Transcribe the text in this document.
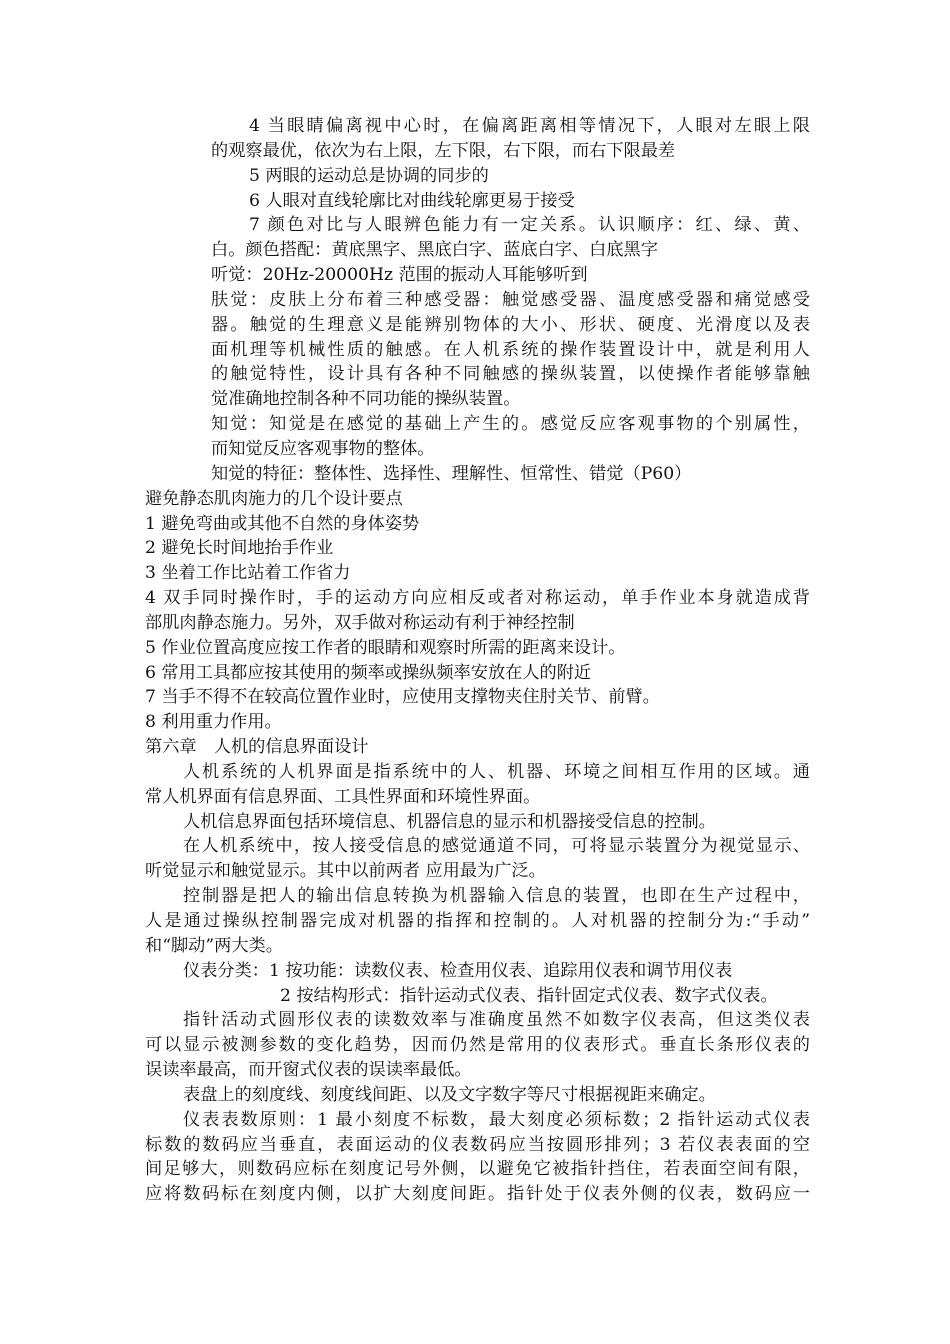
4 当眼睛偏离视中心时，在偏离距离相等情况下，人眼对左眼上限
的观察最优，依次为右上限，左下限，右下限，而右下限最差
5 两眼的运动总是协调的同步的
6 人眼对直线轮廓比对曲线轮廓更易于接受
7 颜色对比与人眼辨色能力有一定关系。认识顺序：红、绿、黄、
白。颜色搭配：黄底黑字、黑底白字、蓝底白字、白底黑字
听觉：20Hz-20000Hz 范围的振动人耳能够听到
肤觉：皮肤上分布着三种感受器：触觉感受器、温度感受器和痛觉感受
器。触觉的生理意义是能辨别物体的大小、形状、硬度、光滑度以及表
面机理等机械性质的触感。在人机系统的操作装置设计中，就是利用人
的触觉特性，设计具有各种不同触感的操纵装置，以使操作者能够靠触
觉准确地控制各种不同功能的操纵装置。
知觉：知觉是在感觉的基础上产生的。感觉反应客观事物的个别属性，
而知觉反应客观事物的整体。
知觉的特征：整体性、选择性、理解性、恒常性、错觉（P60）
避免静态肌肉施力的几个设计要点
1 避免弯曲或其他不自然的身体姿势
2 避免长时间地抬手作业
3 坐着工作比站着工作省力
4 双手同时操作时，手的运动方向应相反或者对称运动，单手作业本身就造成背
部肌肉静态施力。另外，双手做对称运动有利于神经控制
5 作业位置高度应按工作者的眼睛和观察时所需的距离来设计。
6 常用工具都应按其使用的频率或操纵频率安放在人的附近
7 当手不得不在较高位置作业时，应使用支撑物夹住肘关节、前臂。
8 利用重力作用。
第六章　人机的信息界面设计
人机系统的人机界面是指系统中的人、机器、环境之间相互作用的区域。通
常人机界面有信息界面、工具性界面和环境性界面。
人机信息界面包括环境信息、机器信息的显示和机器接受信息的控制。
在人机系统中，按人接受信息的感觉通道不同，可将显示装置分为视觉显示、
听觉显示和触觉显示。其中以前两者 应用最为广泛。
控制器是把人的输出信息转换为机器输入信息的装置，也即在生产过程中，
人是通过操纵控制器完成对机器的指挥和控制的。人对机器的控制分为:“手动”
和“脚动”两大类。
仪表分类：1 按功能：读数仪表、检查用仪表、追踪用仪表和调节用仪表
2 按结构形式：指针运动式仪表、指针固定式仪表、数字式仪表。
指针活动式圆形仪表的读数效率与准确度虽然不如数字仪表高，但这类仪表
可以显示被测参数的变化趋势，因而仍然是常用的仪表形式。垂直长条形仪表的
误读率最高，而开窗式仪表的误读率最低。
表盘上的刻度线、刻度线间距、以及文字数字等尺寸根据视距来确定。
仪表表数原则：1 最小刻度不标数，最大刻度必须标数；2 指针运动式仪表
标数的数码应当垂直，表面运动的仪表数码应当按圆形排列；3 若仪表表面的空
间足够大，则数码应标在刻度记号外侧，以避免它被指针挡住，若表面空间有限，
应将数码标在刻度内侧，以扩大刻度间距。指针处于仪表外侧的仪表，数码应一
